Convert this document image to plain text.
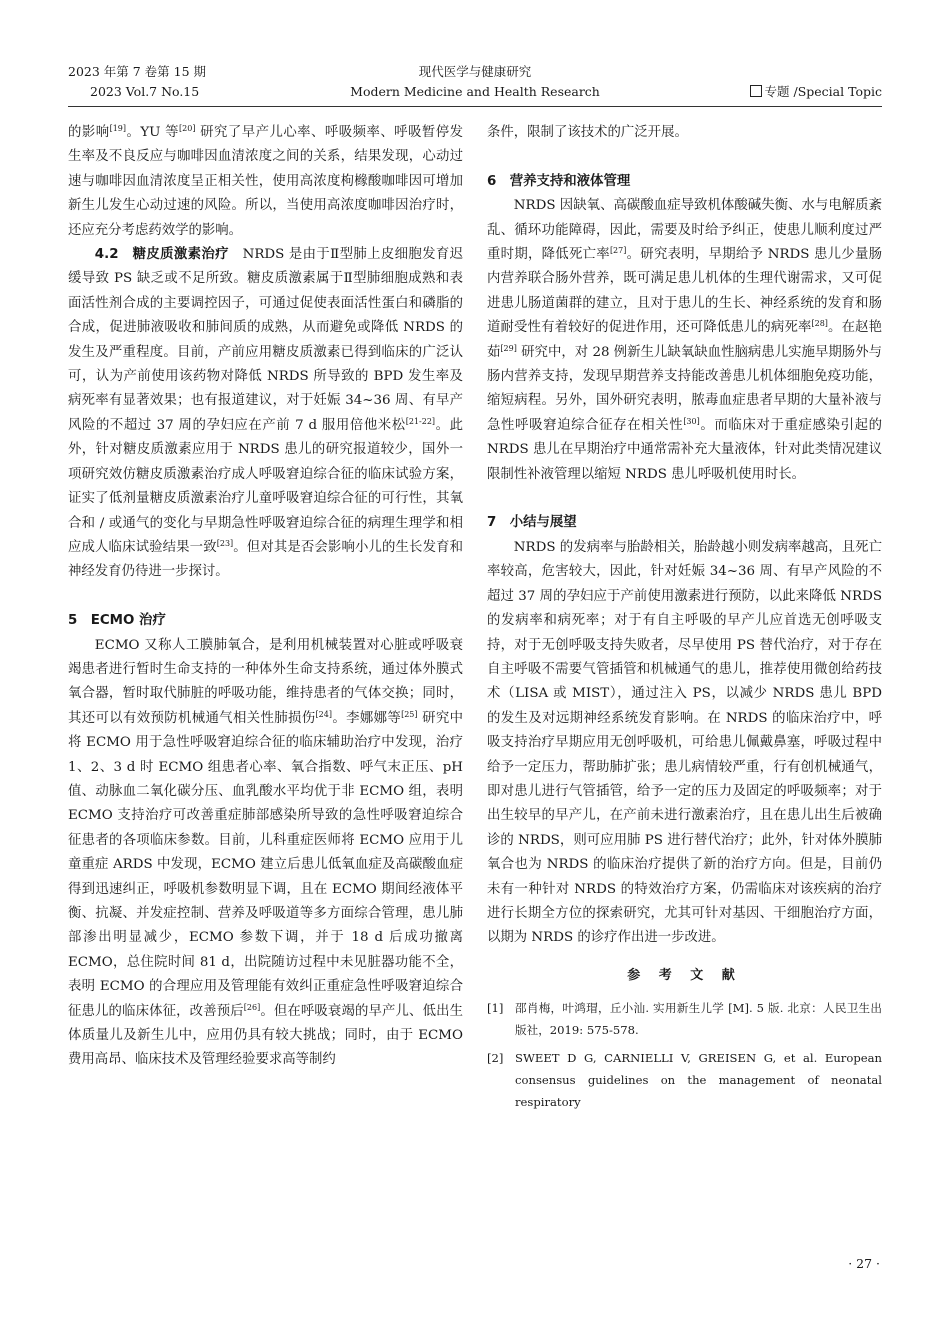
2023 年第 7 卷第 15 期
2023 Vol.7 No.15
现代医学与健康研究
Modern Medicine and Health Research	专题 /Special Topic

的影响[19]。YU 等[20] 研究了早产儿心率、呼吸频率、呼吸暂停发生率及不良反应与咖啡因血清浓度之间的关系，结果发现，心动过速与咖啡因血清浓度呈正相关性，使用高浓度枸橼酸咖啡因可增加新生儿发生心动过速的风险。所以，当使用高浓度咖啡因治疗时，还应充分考虑药效学的影响。

4.2　糖皮质激素治疗　NRDS 是由于Ⅱ型肺上皮细胞发育迟缓导致 PS 缺乏或不足所致。糖皮质激素属于Ⅱ型肺细胞成熟和表面活性剂合成的主要调控因子，可通过促使表面活性蛋白和磷脂的合成，促进肺液吸收和肺间质的成熟，从而避免或降低 NRDS 的发生及严重程度。目前，产前应用糖皮质激素已得到临床的广泛认可，认为产前使用该药物对降低 NRDS 所导致的 BPD 发生率及病死率有显著效果；也有报道建议，对于妊娠 34~36 周、有早产风险的不超过 37 周的孕妇应在产前 7 d 服用倍他米松[21-22]。此外，针对糖皮质激素应用于 NRDS 患儿的研究报道较少，国外一项研究效仿糖皮质激素治疗成人呼吸窘迫综合征的临床试验方案，证实了低剂量糖皮质激素治疗儿童呼吸窘迫综合征的可行性，其氧合和 / 或通气的变化与早期急性呼吸窘迫综合征的病理生理学和相应成人临床试验结果一致[23]。但对其是否会影响小儿的生长发育和神经发育仍待进一步探讨。

5　ECMO 治疗

ECMO 又称人工膜肺氧合，是利用机械装置对心脏或呼吸衰竭患者进行暂时生命支持的一种体外生命支持系统，通过体外膜式氧合器，暂时取代肺脏的呼吸功能，维持患者的气体交换；同时，其还可以有效预防机械通气相关性肺损伤[24]。李娜娜等[25] 研究中将 ECMO 用于急性呼吸窘迫综合征的临床辅助治疗中发现，治疗 1、2、3 d 时 ECMO 组患者心率、氧合指数、呼气末正压、pH 值、动脉血二氧化碳分压、血乳酸水平均优于非 ECMO 组，表明 ECMO 支持治疗可改善重症肺部感染所导致的急性呼吸窘迫综合征患者的各项临床参数。目前，儿科重症医师将 ECMO 应用于儿童重症 ARDS 中发现，ECMO 建立后患儿低氧血症及高碳酸血症得到迅速纠正，呼吸机参数明显下调，且在 ECMO 期间经液体平衡、抗凝、并发症控制、营养及呼吸道等多方面综合管理，患儿肺部渗出明显减少，ECMO 参数下调，并于 18 d 后成功撤离 ECMO，总住院时间 81 d，出院随访过程中未见脏器功能不全，表明 ECMO 的合理应用及管理能有效纠正重症急性呼吸窘迫综合征患儿的临床体征，改善预后[26]。但在呼吸衰竭的早产儿、低出生体质量儿及新生儿中，应用仍具有较大挑战；同时，由于 ECMO 费用高昂、临床技术及管理经验要求高等制约

条件，限制了该技术的广泛开展。

6　营养支持和液体管理

NRDS 因缺氧、高碳酸血症导致机体酸碱失衡、水与电解质紊乱、循环功能障碍，因此，需要及时给予纠正，使患儿顺利度过严重时期，降低死亡率[27]。研究表明，早期给予 NRDS 患儿少量肠内营养联合肠外营养，既可满足患儿机体的生理代谢需求，又可促进患儿肠道菌群的建立，且对于患儿的生长、神经系统的发育和肠道耐受性有着较好的促进作用，还可降低患儿的病死率[28]。在赵艳茹[29] 研究中，对 28 例新生儿缺氧缺血性脑病患儿实施早期肠外与肠内营养支持，发现早期营养支持能改善患儿机体细胞免疫功能，缩短病程。另外，国外研究表明，脓毒血症患者早期的大量补液与急性呼吸窘迫综合征存在相关性[30]。而临床对于重症感染引起的 NRDS 患儿在早期治疗中通常需补充大量液体，针对此类情况建议限制性补液管理以缩短 NRDS 患儿呼吸机使用时长。

7　小结与展望

NRDS 的发病率与胎龄相关，胎龄越小则发病率越高，且死亡率较高，危害较大，因此，针对妊娠 34~36 周、有早产风险的不超过 37 周的孕妇应于产前使用激素进行预防，以此来降低 NRDS 的发病率和病死率；对于有自主呼吸的早产儿应首选无创呼吸支持，对于无创呼吸支持失败者，尽早使用 PS 替代治疗，对于存在自主呼吸不需要气管插管和机械通气的患儿，推荐使用微创给药技术（LISA 或 MIST），通过注入 PS，以减少 NRDS 患儿 BPD 的发生及对远期神经系统发育影响。在 NRDS 的临床治疗中，呼吸支持治疗早期应用无创呼吸机，可给患儿佩戴鼻塞，呼吸过程中给予一定压力，帮助肺扩张；患儿病情较严重，行有创机械通气，即对患儿进行气管插管，给予一定的压力及固定的呼吸频率；对于出生较早的早产儿，在产前未进行激素治疗，且在患儿出生后被确诊的 NRDS，则可应用肺 PS 进行替代治疗；此外，针对体外膜肺氧合也为 NRDS 的临床治疗提供了新的治疗方向。但是，目前仍未有一种针对 NRDS 的特效治疗方案，仍需临床对该疾病的治疗进行长期全方位的探索研究，尤其可针对基因、干细胞治疗方面，以期为 NRDS 的诊疗作出进一步改进。

参 考 文 献
[1] 邵肖梅，叶鸿瑁，丘小汕. 实用新生儿学 [M]. 5 版. 北京：人民卫生出版社，2019: 575-578.
[2] SWEET D G, CARNIELLI V, GREISEN G, et al. European consensus guidelines on the management of neonatal respiratory
· 27 ·
